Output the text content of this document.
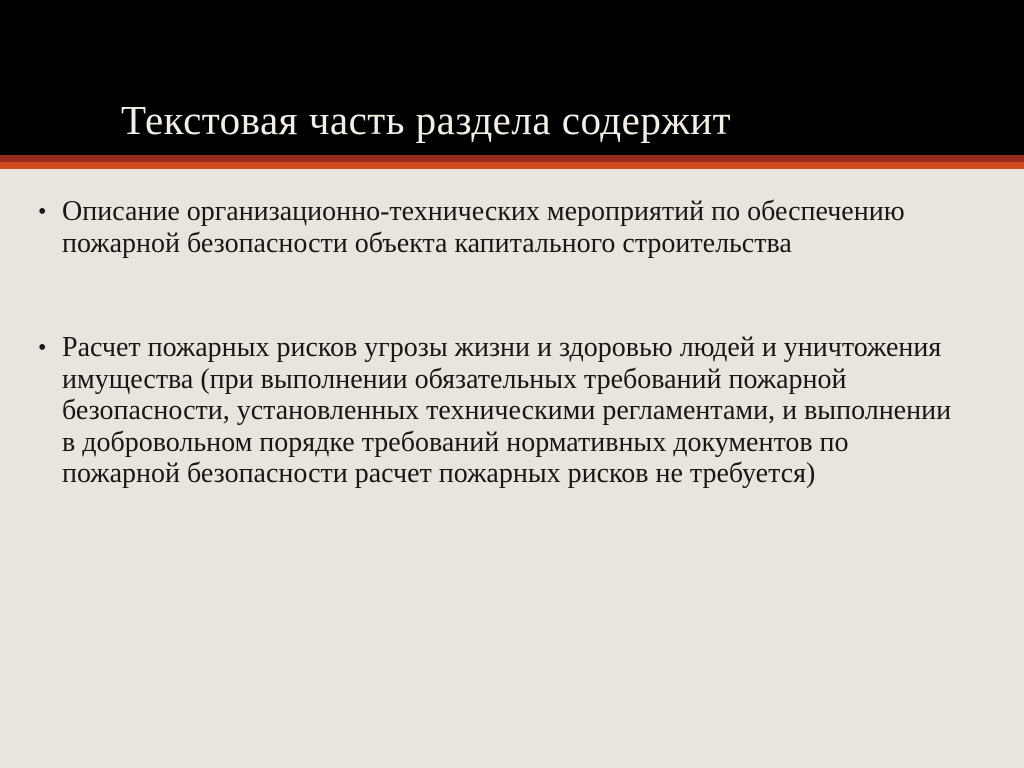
Текстовая часть раздела содержит
• Описание организационно-технических мероприятий по обеспечению пожарной безопасности объекта капитального строительства
• Расчет пожарных рисков угрозы жизни и здоровью людей и уничтожения имущества (при выполнении обязательных требований пожарной безопасности, установленных техническими регламентами, и выполнении в добровольном порядке требований нормативных документов по пожарной безопасности расчет пожарных рисков не требуется)
